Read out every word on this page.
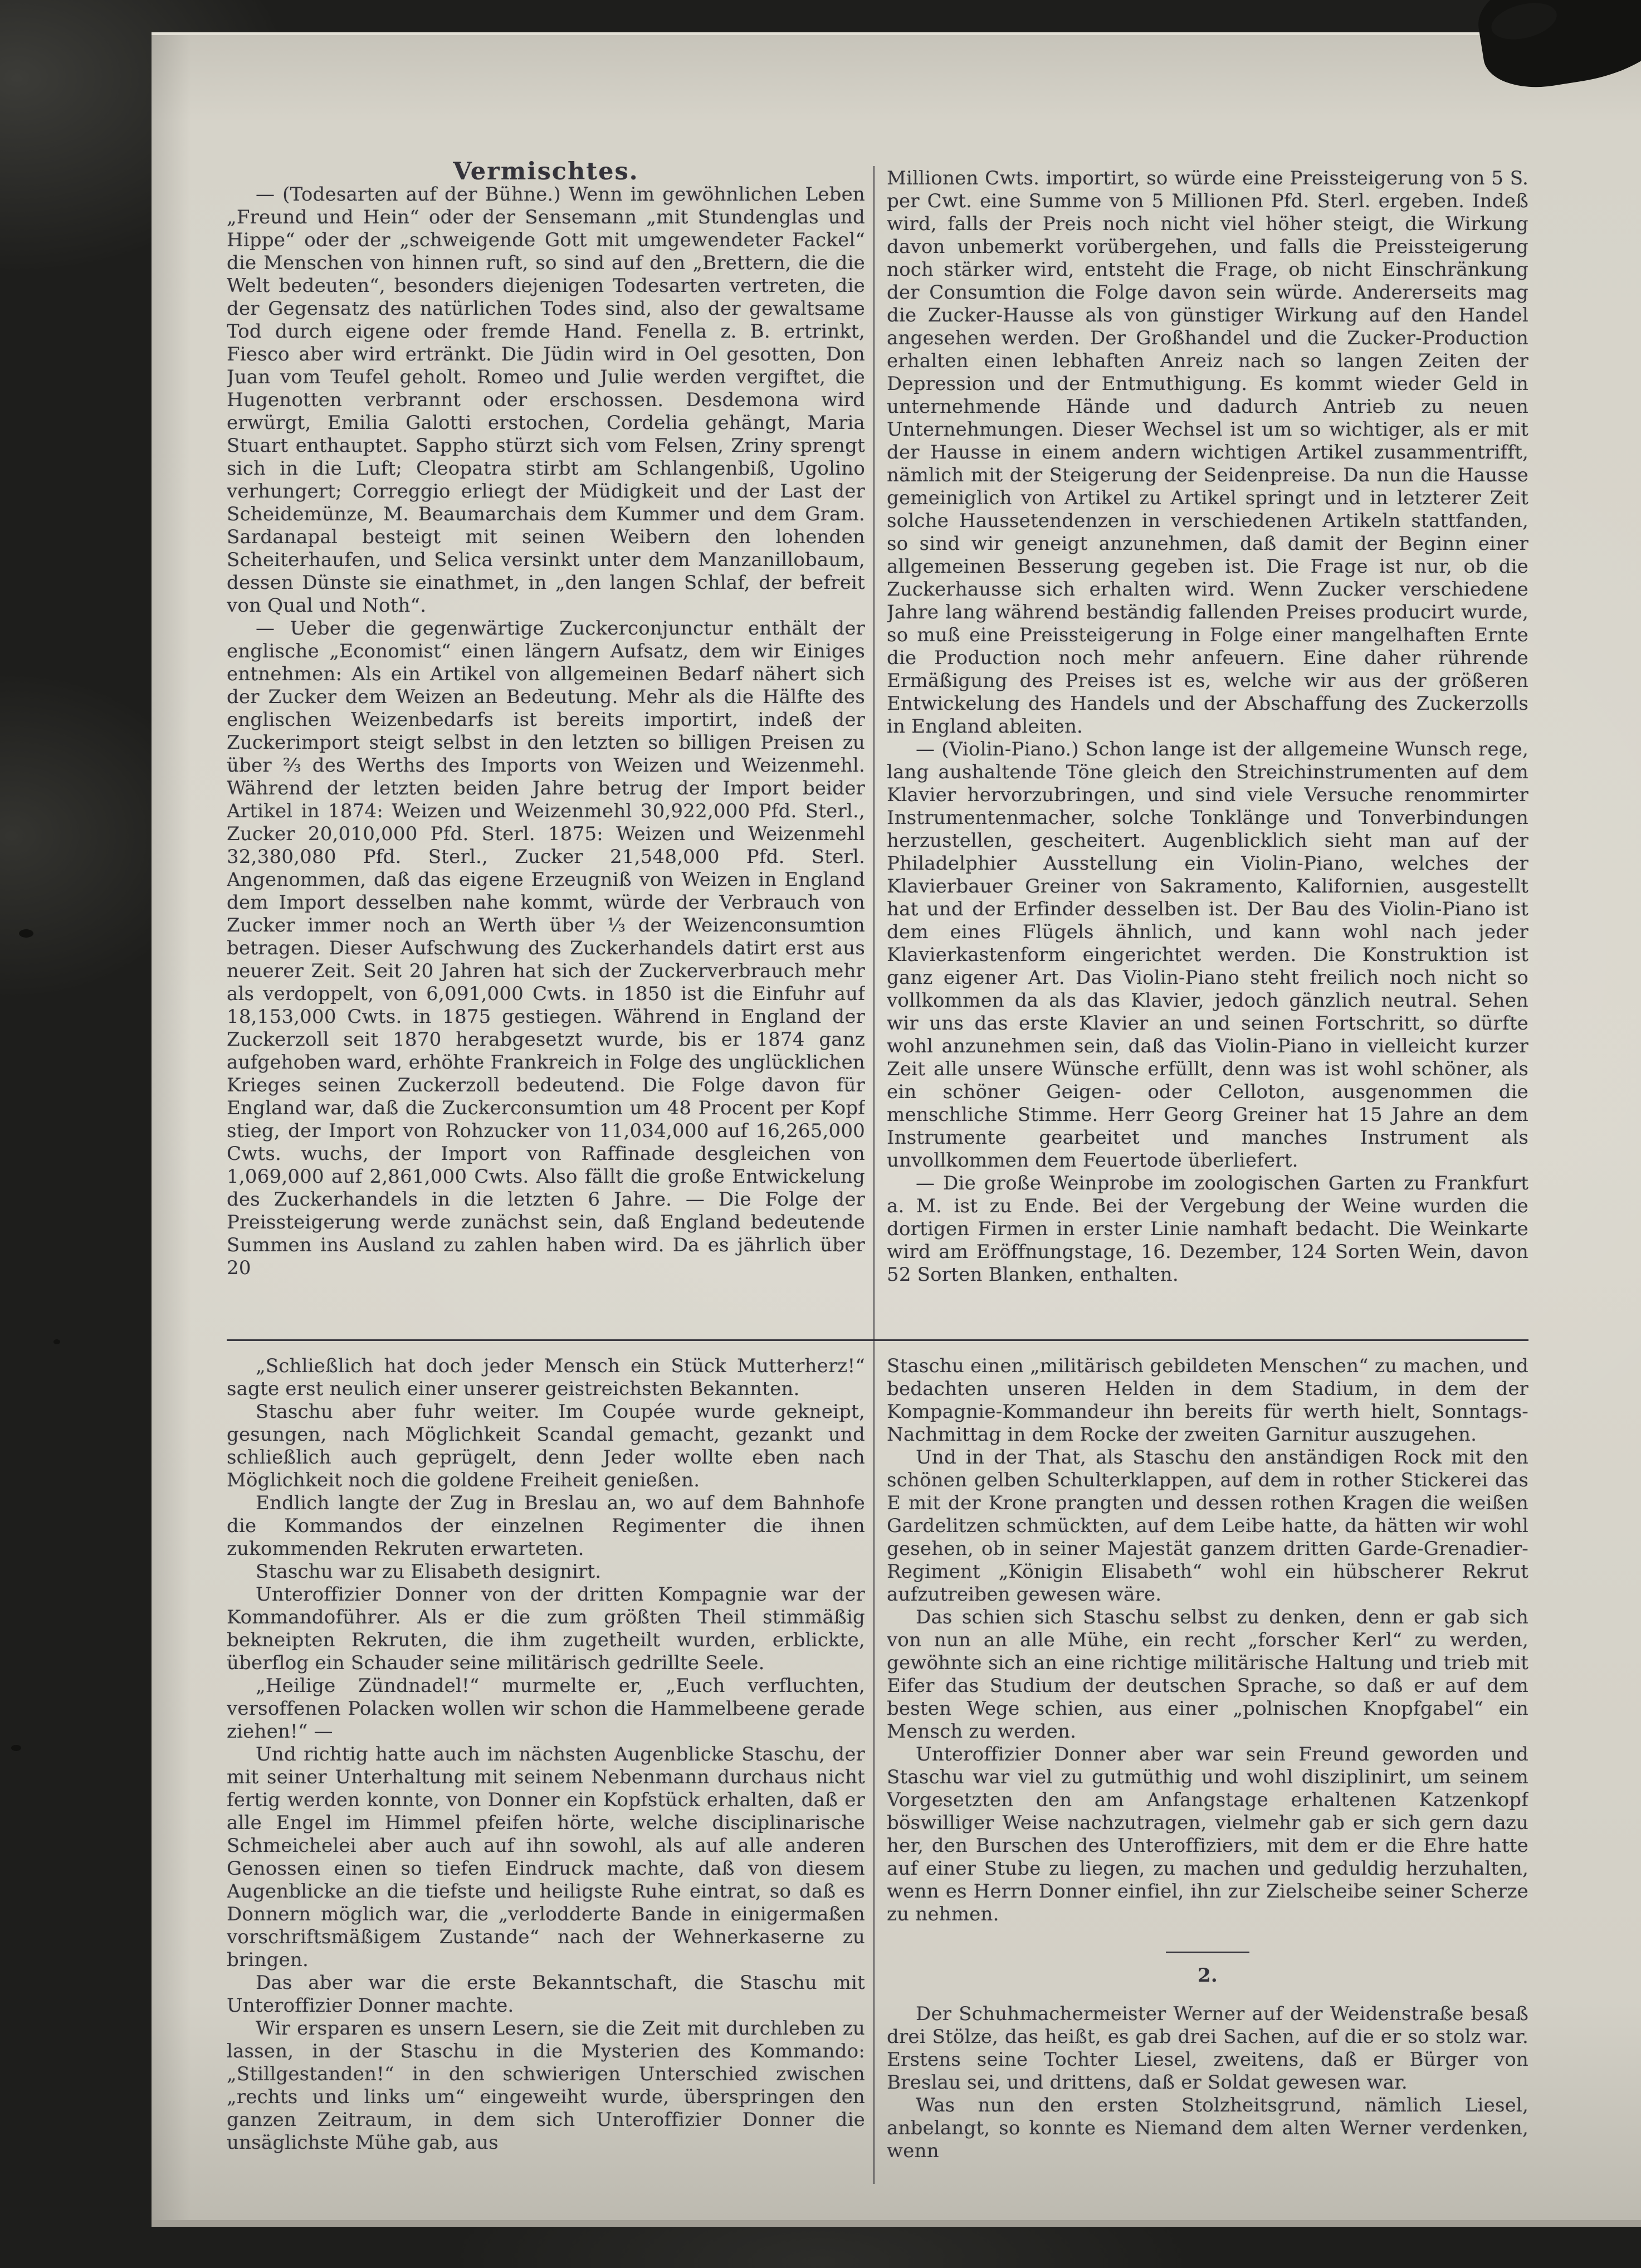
Vermischtes.

— (Todesarten auf der Bühne.) Wenn im gewöhnlichen Leben „Freund und Hein“ oder der Sensemann „mit Stundenglas und Hippe“ oder der „schweigende Gott mit umgewendeter Fackel“ die Menschen von hinnen ruft, so sind auf den „Brettern, die die Welt bedeuten“, besonders diejenigen Todesarten vertreten, die der Gegensatz des natürlichen Todes sind, also der gewaltsame Tod durch eigene oder fremde Hand. Fenella z. B. ertrinkt, Fiesco aber wird ertränkt. Die Jüdin wird in Oel gesotten, Don Juan vom Teufel geholt. Romeo und Julie werden vergiftet, die Hugenotten verbrannt oder erschossen. Desdemona wird erwürgt, Emilia Galotti erstochen, Cordelia gehängt, Maria Stuart enthauptet. Sappho stürzt sich vom Felsen, Zriny sprengt sich in die Luft; Cleopatra stirbt am Schlangenbiß, Ugolino verhungert; Correggio erliegt der Müdigkeit und der Last der Scheidemünze, M. Beaumarchais dem Kummer und dem Gram. Sardanapal besteigt mit seinen Weibern den lohenden Scheiterhaufen, und Selica versinkt unter dem Manzanillobaum, dessen Dünste sie einathmet, in „den langen Schlaf, der befreit von Qual und Noth“.

— Ueber die gegenwärtige Zuckerconjunctur enthält der englische „Economist“ einen längern Aufsatz, dem wir Einiges entnehmen: Als ein Artikel von allgemeinen Bedarf nähert sich der Zucker dem Weizen an Bedeutung. Mehr als die Hälfte des englischen Weizenbedarfs ist bereits importirt, indeß der Zuckerimport steigt selbst in den letzten so billigen Preisen zu über ⅔ des Werths des Imports von Weizen und Weizenmehl. Während der letzten beiden Jahre betrug der Import beider Artikel in 1874: Weizen und Weizenmehl 30,922,000 Pfd. Sterl., Zucker 20,010,000 Pfd. Sterl. 1875: Weizen und Weizenmehl 32,380,080 Pfd. Sterl., Zucker 21,548,000 Pfd. Sterl. Angenommen, daß das eigene Erzeugniß von Weizen in England dem Import desselben nahe kommt, würde der Verbrauch von Zucker immer noch an Werth über ⅓ der Weizenconsumtion betragen. Dieser Aufschwung des Zuckerhandels datirt erst aus neuerer Zeit. Seit 20 Jahren hat sich der Zuckerverbrauch mehr als verdoppelt, von 6,091,000 Cwts. in 1850 ist die Einfuhr auf 18,153,000 Cwts. in 1875 gestiegen. Während in England der Zuckerzoll seit 1870 herabgesetzt wurde, bis er 1874 ganz aufgehoben ward, erhöhte Frankreich in Folge des unglücklichen Krieges seinen Zuckerzoll bedeutend. Die Folge davon für England war, daß die Zuckerconsumtion um 48 Procent per Kopf stieg, der Import von Rohzucker von 11,034,000 auf 16,265,000 Cwts. wuchs, der Import von Raffinade desgleichen von 1,069,000 auf 2,861,000 Cwts. Also fällt die große Entwickelung des Zuckerhandels in die letzten 6 Jahre. — Die Folge der Preissteigerung werde zunächst sein, daß England bedeutende Summen ins Ausland zu zahlen haben wird. Da es jährlich über 20

Millionen Cwts. importirt, so würde eine Preissteigerung von 5 S. per Cwt. eine Summe von 5 Millionen Pfd. Sterl. ergeben. Indeß wird, falls der Preis noch nicht viel höher steigt, die Wirkung davon unbemerkt vorübergehen, und falls die Preissteigerung noch stärker wird, entsteht die Frage, ob nicht Einschränkung der Consumtion die Folge davon sein würde. Andererseits mag die Zucker-Hausse als von günstiger Wirkung auf den Handel angesehen werden. Der Großhandel und die Zucker-Production erhalten einen lebhaften Anreiz nach so langen Zeiten der Depression und der Entmuthigung. Es kommt wieder Geld in unternehmende Hände und dadurch Antrieb zu neuen Unternehmungen. Dieser Wechsel ist um so wichtiger, als er mit der Hausse in einem andern wichtigen Artikel zusammentrifft, nämlich mit der Steigerung der Seidenpreise. Da nun die Hausse gemeiniglich von Artikel zu Artikel springt und in letzterer Zeit solche Haussetendenzen in verschiedenen Artikeln stattfanden, so sind wir geneigt anzunehmen, daß damit der Beginn einer allgemeinen Besserung gegeben ist. Die Frage ist nur, ob die Zuckerhausse sich erhalten wird. Wenn Zucker verschiedene Jahre lang während beständig fallenden Preises producirt wurde, so muß eine Preissteigerung in Folge einer mangelhaften Ernte die Production noch mehr anfeuern. Eine daher rührende Ermäßigung des Preises ist es, welche wir aus der größeren Entwickelung des Handels und der Abschaffung des Zuckerzolls in England ableiten.

— (Violin-Piano.) Schon lange ist der allgemeine Wunsch rege, lang aushaltende Töne gleich den Streichinstrumenten auf dem Klavier hervorzubringen, und sind viele Versuche renommirter Instrumentenmacher, solche Tonklänge und Tonverbindungen herzustellen, gescheitert. Augenblicklich sieht man auf der Philadelphier Ausstellung ein Violin-Piano, welches der Klavierbauer Greiner von Sakramento, Kalifornien, ausgestellt hat und der Erfinder desselben ist. Der Bau des Violin-Piano ist dem eines Flügels ähnlich, und kann wohl nach jeder Klavierkastenform eingerichtet werden. Die Konstruktion ist ganz eigener Art. Das Violin-Piano steht freilich noch nicht so vollkommen da als das Klavier, jedoch gänzlich neutral. Sehen wir uns das erste Klavier an und seinen Fortschritt, so dürfte wohl anzunehmen sein, daß das Violin-Piano in vielleicht kurzer Zeit alle unsere Wünsche erfüllt, denn was ist wohl schöner, als ein schöner Geigen- oder Celloton, ausgenommen die menschliche Stimme. Herr Georg Greiner hat 15 Jahre an dem Instrumente gearbeitet und manches Instrument als unvollkommen dem Feuertode überliefert.

— Die große Weinprobe im zoologischen Garten zu Frankfurt a. M. ist zu Ende. Bei der Vergebung der Weine wurden die dortigen Firmen in erster Linie namhaft bedacht. Die Weinkarte wird am Eröffnungstage, 16. Dezember, 124 Sorten Wein, davon 52 Sorten Blanken, enthalten.

„Schließlich hat doch jeder Mensch ein Stück Mutterherz!“ sagte erst neulich einer unserer geistreichsten Bekannten.

Staschu aber fuhr weiter. Im Coupée wurde gekneipt, gesungen, nach Möglichkeit Scandal gemacht, gezankt und schließlich auch geprügelt, denn Jeder wollte eben nach Möglichkeit noch die goldene Freiheit genießen.

Endlich langte der Zug in Breslau an, wo auf dem Bahnhofe die Kommandos der einzelnen Regimenter die ihnen zukommenden Rekruten erwarteten.

Staschu war zu Elisabeth designirt.

Unteroffizier Donner von der dritten Kompagnie war der Kommandoführer. Als er die zum größten Theil stimmäßig bekneipten Rekruten, die ihm zugetheilt wurden, erblickte, überflog ein Schauder seine militärisch gedrillte Seele.

„Heilige Zündnadel!“ murmelte er, „Euch verfluchten, versoffenen Polacken wollen wir schon die Hammelbeene gerade ziehen!“ —

Und richtig hatte auch im nächsten Augenblicke Staschu, der mit seiner Unterhaltung mit seinem Nebenmann durchaus nicht fertig werden konnte, von Donner ein Kopfstück erhalten, daß er alle Engel im Himmel pfeifen hörte, welche disciplinarische Schmeichelei aber auch auf ihn sowohl, als auf alle anderen Genossen einen so tiefen Eindruck machte, daß von diesem Augenblicke an die tiefste und heiligste Ruhe eintrat, so daß es Donnern möglich war, die „verlodderte Bande in einigermaßen vorschriftsmäßigem Zustande“ nach der Wehnerkaserne zu bringen.

Das aber war die erste Bekanntschaft, die Staschu mit Unteroffizier Donner machte.

Wir ersparen es unsern Lesern, sie die Zeit mit durchleben zu lassen, in der Staschu in die Mysterien des Kommando: „Stillgestanden!“ in den schwierigen Unterschied zwischen „rechts und links um“ eingeweiht wurde, überspringen den ganzen Zeitraum, in dem sich Unteroffizier Donner die unsäglichste Mühe gab, aus

Staschu einen „militärisch gebildeten Menschen“ zu machen, und bedachten unseren Helden in dem Stadium, in dem der Kompagnie-Kommandeur ihn bereits für werth hielt, Sonntags-Nachmittag in dem Rocke der zweiten Garnitur auszugehen.

Und in der That, als Staschu den anständigen Rock mit den schönen gelben Schulterklappen, auf dem in rother Stickerei das E mit der Krone prangten und dessen rothen Kragen die weißen Gardelitzen schmückten, auf dem Leibe hatte, da hätten wir wohl gesehen, ob in seiner Majestät ganzem dritten Garde-Grenadier-Regiment „Königin Elisabeth“ wohl ein hübscherer Rekrut aufzutreiben gewesen wäre.

Das schien sich Staschu selbst zu denken, denn er gab sich von nun an alle Mühe, ein recht „forscher Kerl“ zu werden, gewöhnte sich an eine richtige militärische Haltung und trieb mit Eifer das Studium der deutschen Sprache, so daß er auf dem besten Wege schien, aus einer „polnischen Knopfgabel“ ein Mensch zu werden.

Unteroffizier Donner aber war sein Freund geworden und Staschu war viel zu gutmüthig und wohl disziplinirt, um seinem Vorgesetzten den am Anfangstage erhaltenen Katzenkopf böswilliger Weise nachzutragen, vielmehr gab er sich gern dazu her, den Burschen des Unteroffiziers, mit dem er die Ehre hatte auf einer Stube zu liegen, zu machen und geduldig herzuhalten, wenn es Herrn Donner einfiel, ihn zur Zielscheibe seiner Scherze zu nehmen.

2.

Der Schuhmachermeister Werner auf der Weidenstraße besaß drei Stölze, das heißt, es gab drei Sachen, auf die er so stolz war. Erstens seine Tochter Liesel, zweitens, daß er Bürger von Breslau sei, und drittens, daß er Soldat gewesen war.

Was nun den ersten Stolzheitsgrund, nämlich Liesel, anbelangt, so konnte es Niemand dem alten Werner verdenken, wenn
